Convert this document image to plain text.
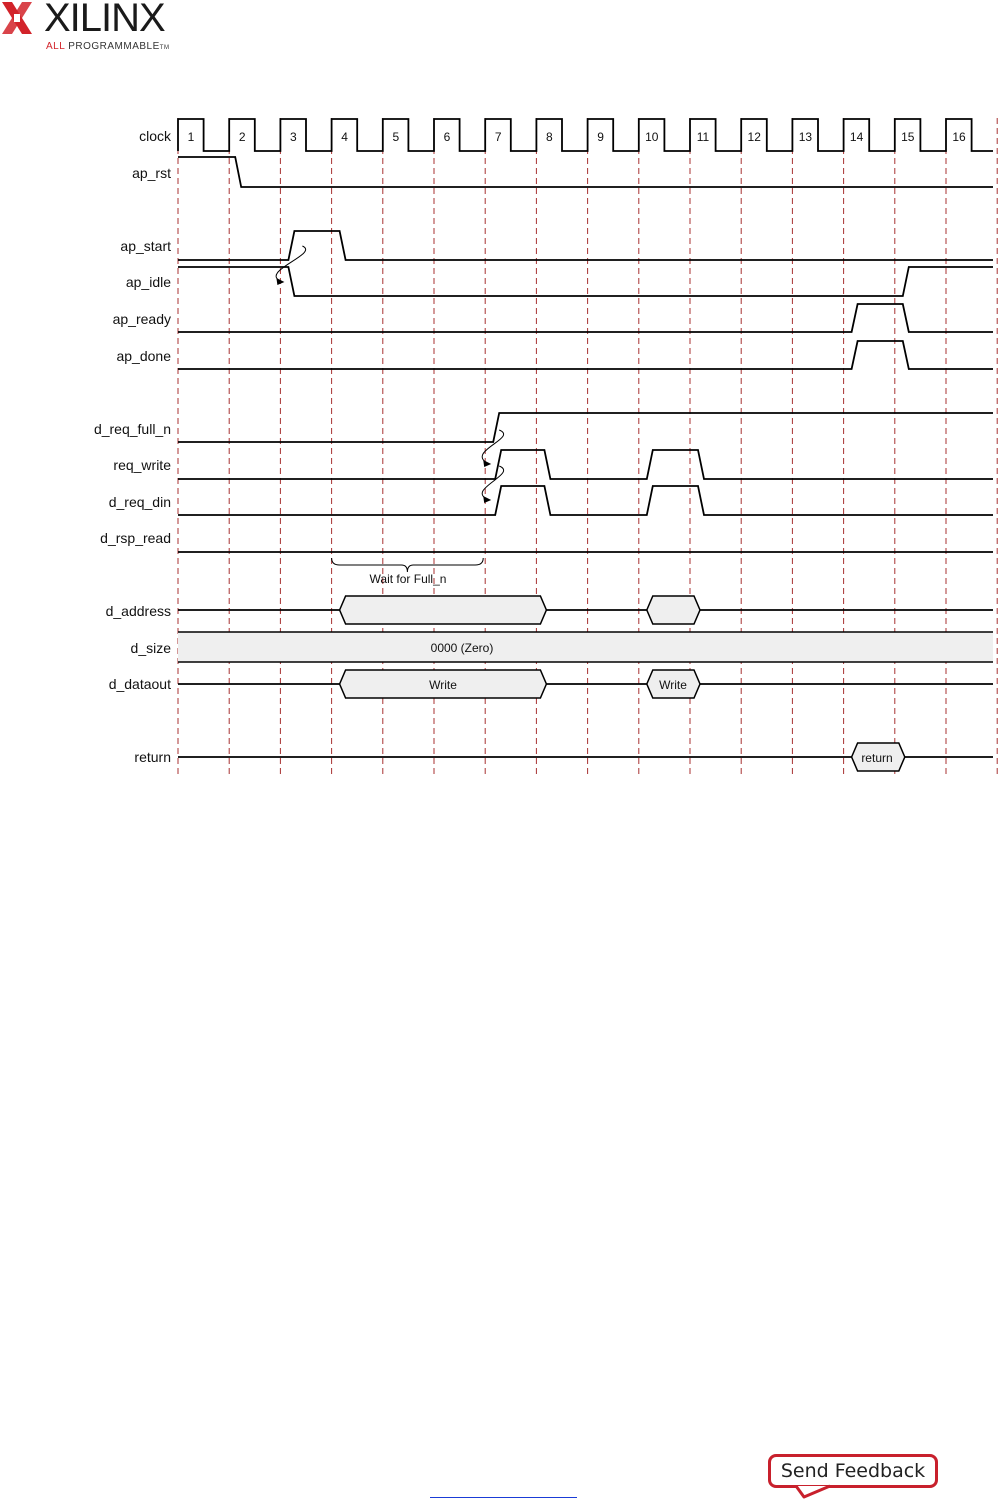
XILINX
ALL PROGRAMMABLETM
clock
ap_rst
ap_start
ap_idle
ap_ready
ap_done
d_req_full_n
req_write
d_req_din
d_rsp_read
d_address
d_size
d_dataout
return
1	2	3	4	5	6	7	8	9	10	11	12	13	14	15	16
Wait for Full_n
0000 (Zero)
Write	Write
return
Send Feedback
